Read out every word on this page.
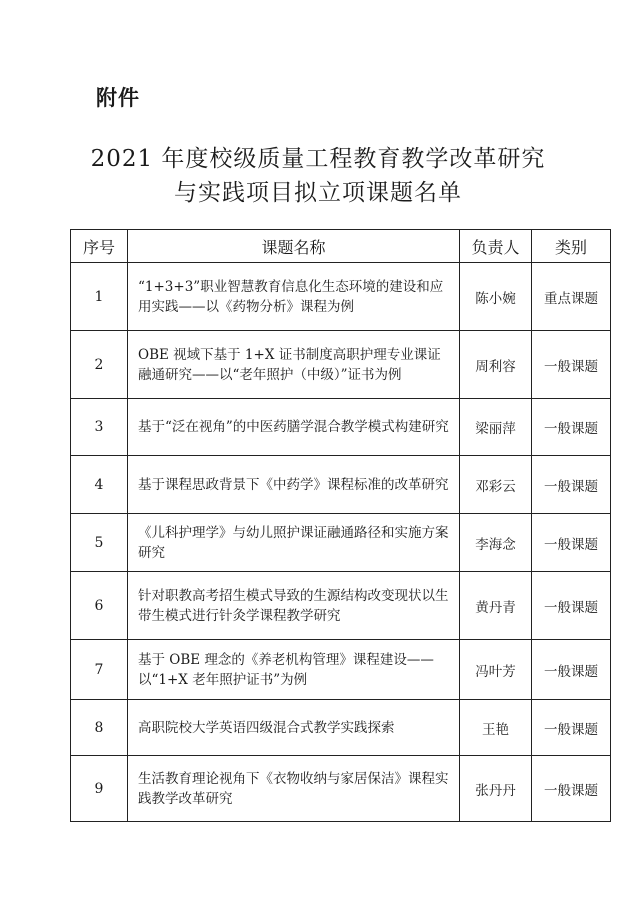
附件
2021 年度校级质量工程教育教学改革研究
与实践项目拟立项课题名单
序号	课题名称	负责人	类别
1	“1+3+3”职业智慧教育信息化生态环境的建设和应用实践——以《药物分析》课程为例	陈小婉	重点课题
2	OBE 视域下基于 1+X 证书制度高职护理专业课证融通研究——以“老年照护（中级）”证书为例	周利容	一般课题
3	基于“泛在视角”的中医药膳学混合教学模式构建研究	梁丽萍	一般课题
4	基于课程思政背景下《中药学》课程标准的改革研究	邓彩云	一般课题
5	《儿科护理学》与幼儿照护课证融通路径和实施方案研究	李海念	一般课题
6	针对职教高考招生模式导致的生源结构改变现状以生带生模式进行针灸学课程教学研究	黄丹青	一般课题
7	基于 OBE 理念的《养老机构管理》课程建设——以“1+X 老年照护证书”为例	冯叶芳	一般课题
8	高职院校大学英语四级混合式教学实践探索	王艳	一般课题
9	生活教育理论视角下《衣物收纳与家居保洁》课程实践教学改革研究	张丹丹	一般课题
